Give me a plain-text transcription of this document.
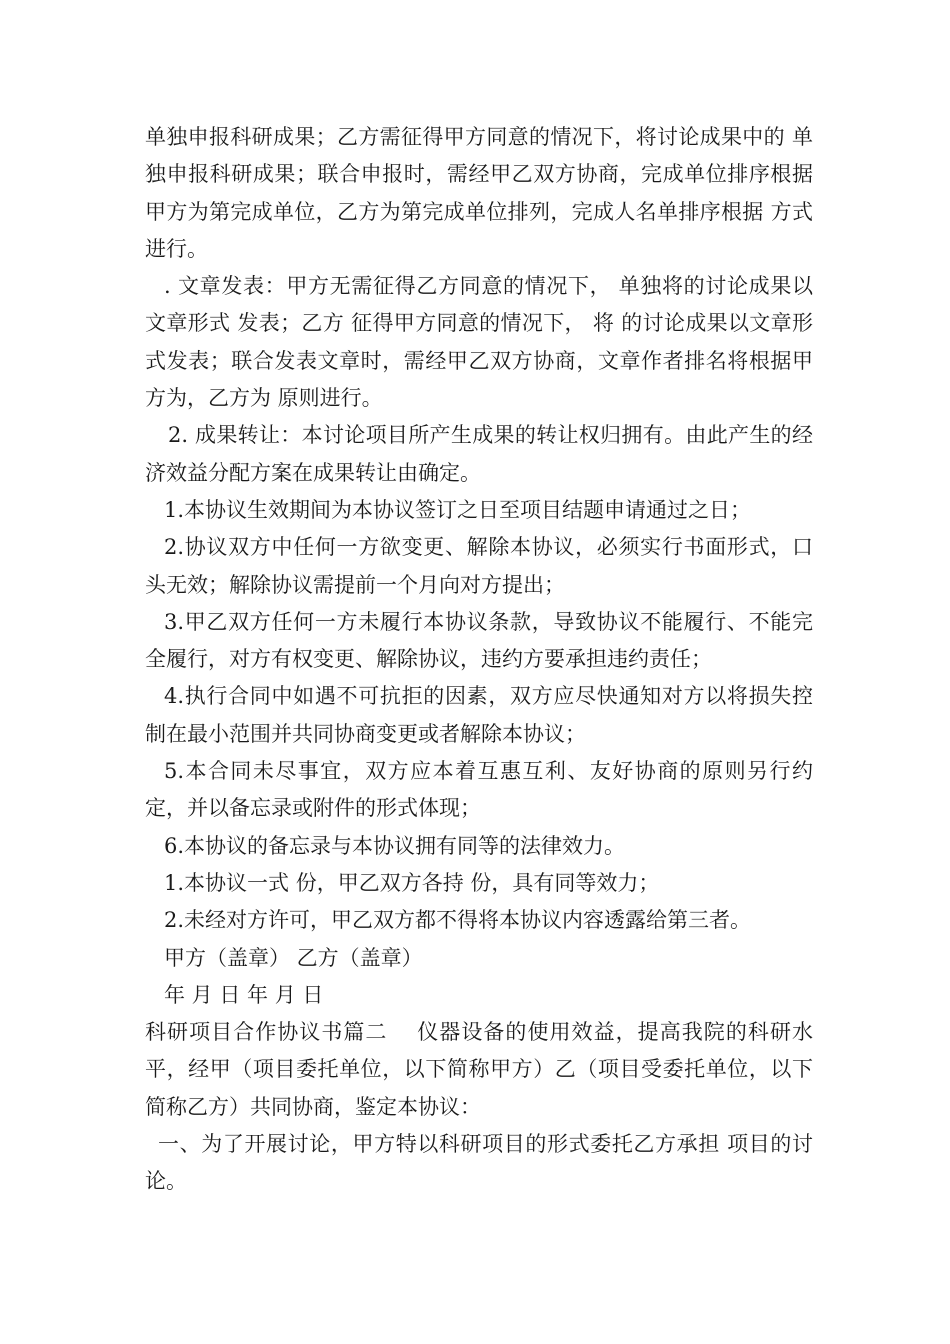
单独申报科研成果；乙方需征得甲方同意的情况下，将讨论成果中的 单独申报科研成果；联合申报时，需经甲乙双方协商，完成单位排序根据甲方为第完成单位，乙方为第完成单位排列，完成人名单排序根据 方式进行。

. 文章发表：甲方无需征得乙方同意的情况下， 单独将的讨论成果以文章形式 发表；乙方 征得甲方同意的情况下， 将 的讨论成果以文章形式发表；联合发表文章时，需经甲乙双方协商，文章作者排名将根据甲方为，乙方为 原则进行。

2. 成果转让：本讨论项目所产生成果的转让权归拥有。由此产生的经济效益分配方案在成果转让由确定。

1.本协议生效期间为本协议签订之日至项目结题申请通过之日；

2.协议双方中任何一方欲变更、解除本协议，必须实行书面形式，口头无效；解除协议需提前一个月向对方提出；

3.甲乙双方任何一方未履行本协议条款，导致协议不能履行、不能完全履行，对方有权变更、解除协议，违约方要承担违约责任；

4.执行合同中如遇不可抗拒的因素，双方应尽快通知对方以将损失控制在最小范围并共同协商变更或者解除本协议；

5.本合同未尽事宜，双方应本着互惠互利、友好协商的原则另行约定，并以备忘录或附件的形式体现；

6.本协议的备忘录与本协议拥有同等的法律效力。

1.本协议一式 份，甲乙双方各持 份，具有同等效力；

2.未经对方许可，甲乙双方都不得将本协议内容透露给第三者。

甲方（盖章） 乙方（盖章）

年 月 日 年 月 日

科研项目合作协议书篇二　 仪器设备的使用效益，提高我院的科研水平，经甲（项目委托单位，以下简称甲方）乙（项目受委托单位，以下简称乙方）共同协商，鉴定本协议：

一、为了开展讨论，甲方特以科研项目的形式委托乙方承担 项目的讨论。
